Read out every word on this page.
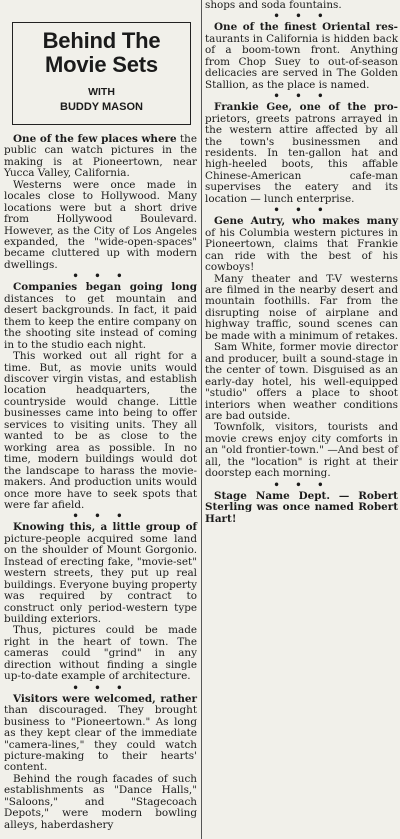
Behind The
Movie Sets
WITH
BUDDY MASON

One of the few places where the public can watch pictures in the making is at Pioneertown, near Yucca Valley, California.

Westerns were once made in locales close to Hollywood. Many locations were but a short drive from Hollywood Boulevard. However, as the City of Los Angeles expanded, the "wide-open-spaces" became cluttered up with modern dwellings.

• • •

Companies began going long distances to get mountain and desert backgrounds. In fact, it paid them to keep the entire company on the shooting site instead of coming in to the studio each night.

This worked out all right for a time. But, as movie units would discover virgin vistas, and establish location headquarters, the countryside would change. Little businesses came into being to offer services to visiting units. They all wanted to be as close to the working area as possible. In no time, modern buildings would dot the landscape to harass the movie-makers. And production units would once more have to seek spots that were far afield.

• • •

Knowing this, a little group of picture-people acquired some land on the shoulder of Mount Gorgonio. Instead of erecting fake, "movie-set" western streets, they put up real buildings. Everyone buying property was required by contract to construct only period-western type building exteriors.

Thus, pictures could be made right in the heart of town. The cameras could "grind" in any direction without finding a single up-to-date example of architecture.

• • •

Visitors were welcomed, rather than discouraged. They brought business to "Pioneertown." As long as they kept clear of the immediate "camera-lines," they could watch picture-making to their hearts' content.

Behind the rough facades of such establishments as "Dance Halls," "Saloons," and "Stagecoach Depots," were modern bowling alleys, haberdashery

shops and soda fountains.

• • •

One of the finest Oriental res- taurants in California is hidden back of a boom-town front. Anything from Chop Suey to out-of-season delicacies are served in The Golden Stallion, as the place is named.

• • •

Frankie Gee, one of the pro- prietors, greets patrons arrayed in the western attire affected by all the town's businessmen and residents. In ten-gallon hat and high-heeled boots, this affable Chinese-American cafe-man supervises the eatery and its location — lunch enterprise.

• • •

Gene Autry, who makes many of his Columbia western pictures in Pioneertown, claims that Frankie can ride with the best of his cowboys!

Many theater and T-V westerns are filmed in the nearby desert and mountain foothills. Far from the disrupting noise of airplane and highway traffic, sound scenes can be made with a minimum of retakes.

Sam White, former movie director and producer, built a sound-stage in the center of town. Disguised as an early-day hotel, his well-equipped "studio" offers a place to shoot interiors when weather conditions are bad outside.

Townfolk, visitors, tourists and movie crews enjoy city comforts in an "old frontier-town." —And best of all, the "location" is right at their doorstep each morning.

• • •

Stage Name Dept. — Robert Sterling was once named Robert Hart!
